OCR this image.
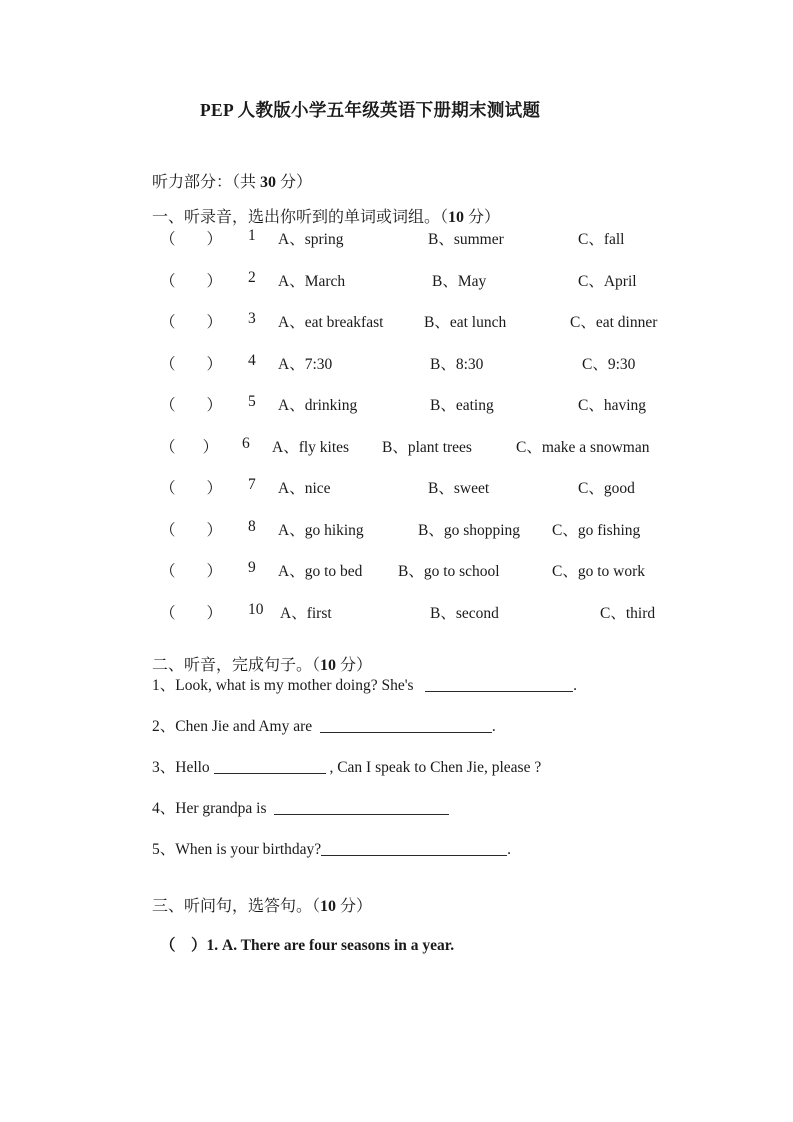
PEP 人教版小学五年级英语下册期末测试题
听力部分：（共 30 分）
一、听录音，选出你听到的单词或词组。（10 分）
（        ） 1 A、spring	B、summer	C、fall
（        ） 2 A、March	B、May	C、April
（        ） 3 A、eat breakfast	B、eat lunch	C、eat dinner
（        ） 4 A、7:30	B、8:30	C、9:30
（        ） 5 A、drinking	B、eating	C、having
（       ） 6 A、fly kites B、plant trees	C、make a snowman
（        ） 7 A、nice	B、sweet	C、good
（        ） 8 A、go hiking	B、go shopping C、go fishing
（        ） 9 A、go to bed B、go to school	C、go to work
（        ） 10 A、first	B、second	C、third
二、听音，完成句子。（10 分）
1、Look, what is my mother doing? She's	.
2、Chen Jie and Amy are	.
3、Hello	, Can I speak to Chen Jie, please ?
4、Her grandpa is
5、When is your birthday?	.
三、听问句，选答句。（10 分）
（    ）1. A. There are four seasons in a year.
